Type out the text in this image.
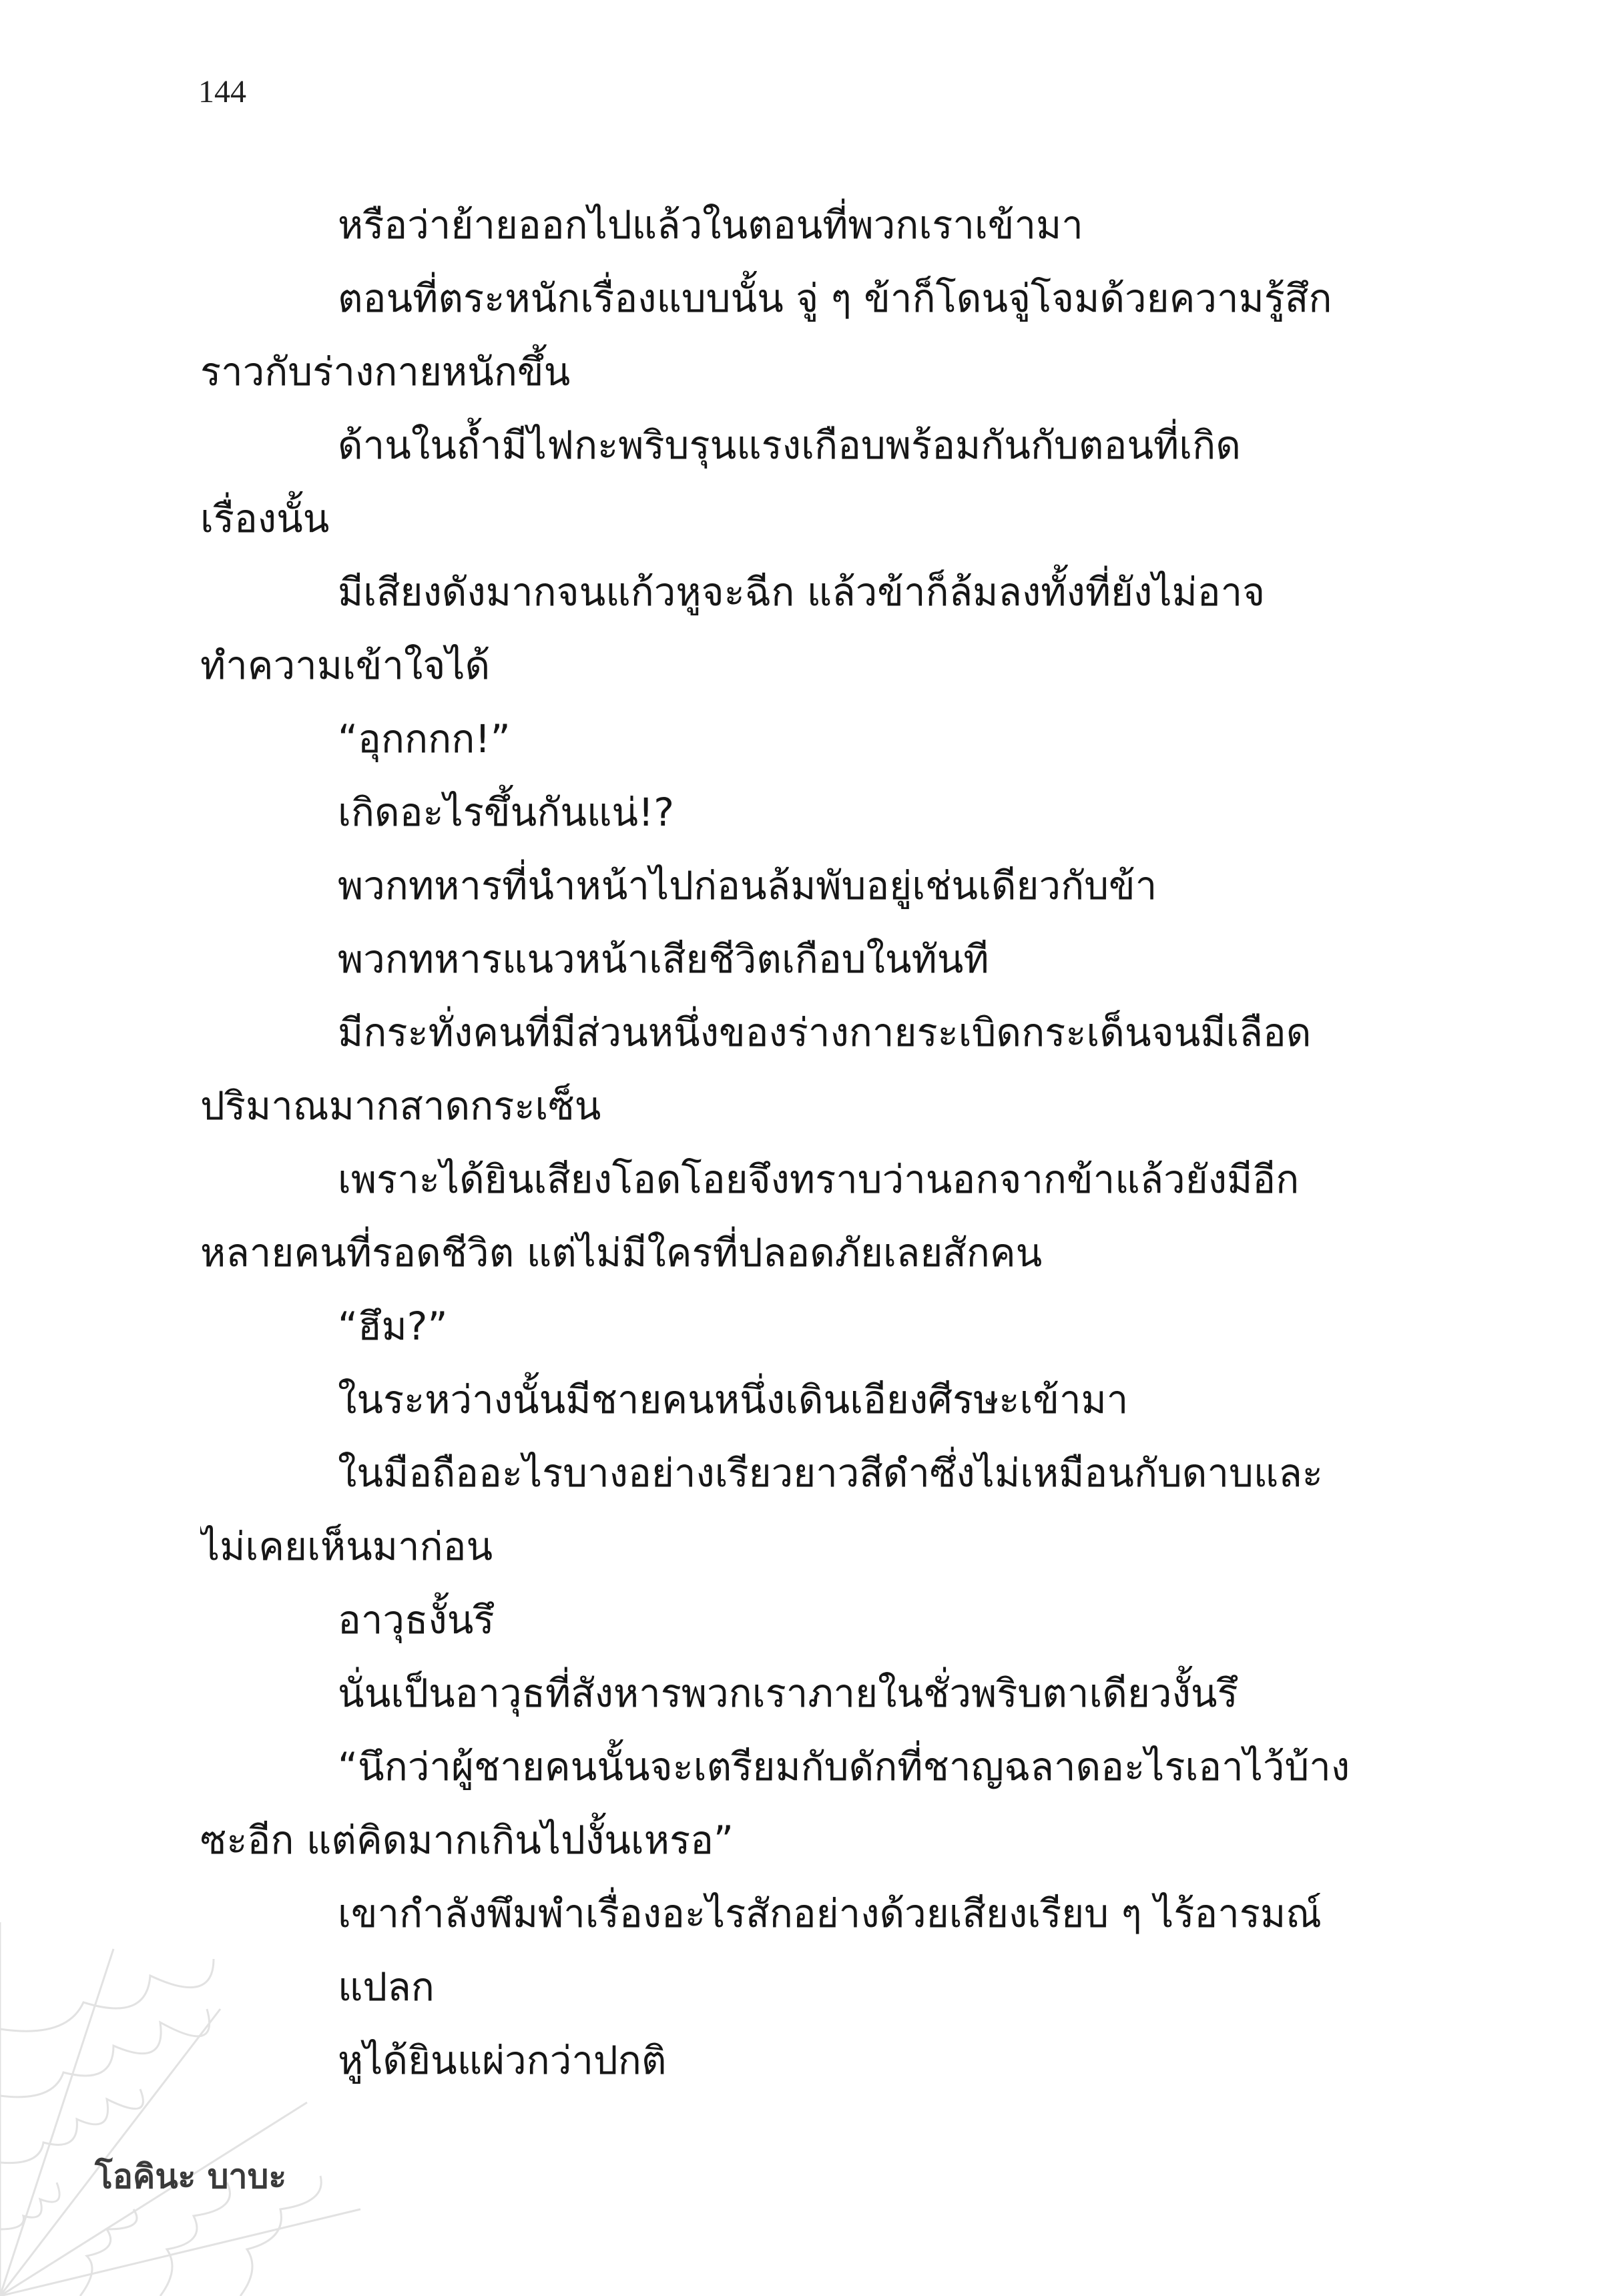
144
หรือว่าย้ายออกไปแล้วในตอนที่พวกเราเข้ามา
ตอนที่ตระหนักเรื่องแบบนั้น จู่ ๆ ข้าก็โดนจู่โจมด้วยความรู้สึก
ราวกับร่างกายหนักขึ้น
ด้านในถ้ำมีไฟกะพริบรุนแรงเกือบพร้อมกันกับตอนที่เกิด
เรื่องนั้น
มีเสียงดังมากจนแก้วหูจะฉีก แล้วข้าก็ล้มลงทั้งที่ยังไม่อาจ
ทำความเข้าใจได้
“อุกกกก!”
เกิดอะไรขึ้นกันแน่!?
พวกทหารที่นำหน้าไปก่อนล้มพับอยู่เช่นเดียวกับข้า
พวกทหารแนวหน้าเสียชีวิตเกือบในทันที
มีกระทั่งคนที่มีส่วนหนึ่งของร่างกายระเบิดกระเด็นจนมีเลือด
ปริมาณมากสาดกระเซ็น
เพราะได้ยินเสียงโอดโอยจึงทราบว่านอกจากข้าแล้วยังมีอีก
หลายคนที่รอดชีวิต แต่ไม่มีใครที่ปลอดภัยเลยสักคน
“ฮึม?”
ในระหว่างนั้นมีชายคนหนึ่งเดินเอียงศีรษะเข้ามา
ในมือถืออะไรบางอย่างเรียวยาวสีดำซึ่งไม่เหมือนกับดาบและ
ไม่เคยเห็นมาก่อน
อาวุธงั้นรึ
นั่นเป็นอาวุธที่สังหารพวกเราภายในชั่วพริบตาเดียวงั้นรึ
“นึกว่าผู้ชายคนนั้นจะเตรียมกับดักที่ชาญฉลาดอะไรเอาไว้บ้าง
ซะอีก แต่คิดมากเกินไปงั้นเหรอ”
เขากำลังพึมพำเรื่องอะไรสักอย่างด้วยเสียงเรียบ ๆ ไร้อารมณ์
แปลก
หูได้ยินแผ่วกว่าปกติ
โอคินะ บาบะ
